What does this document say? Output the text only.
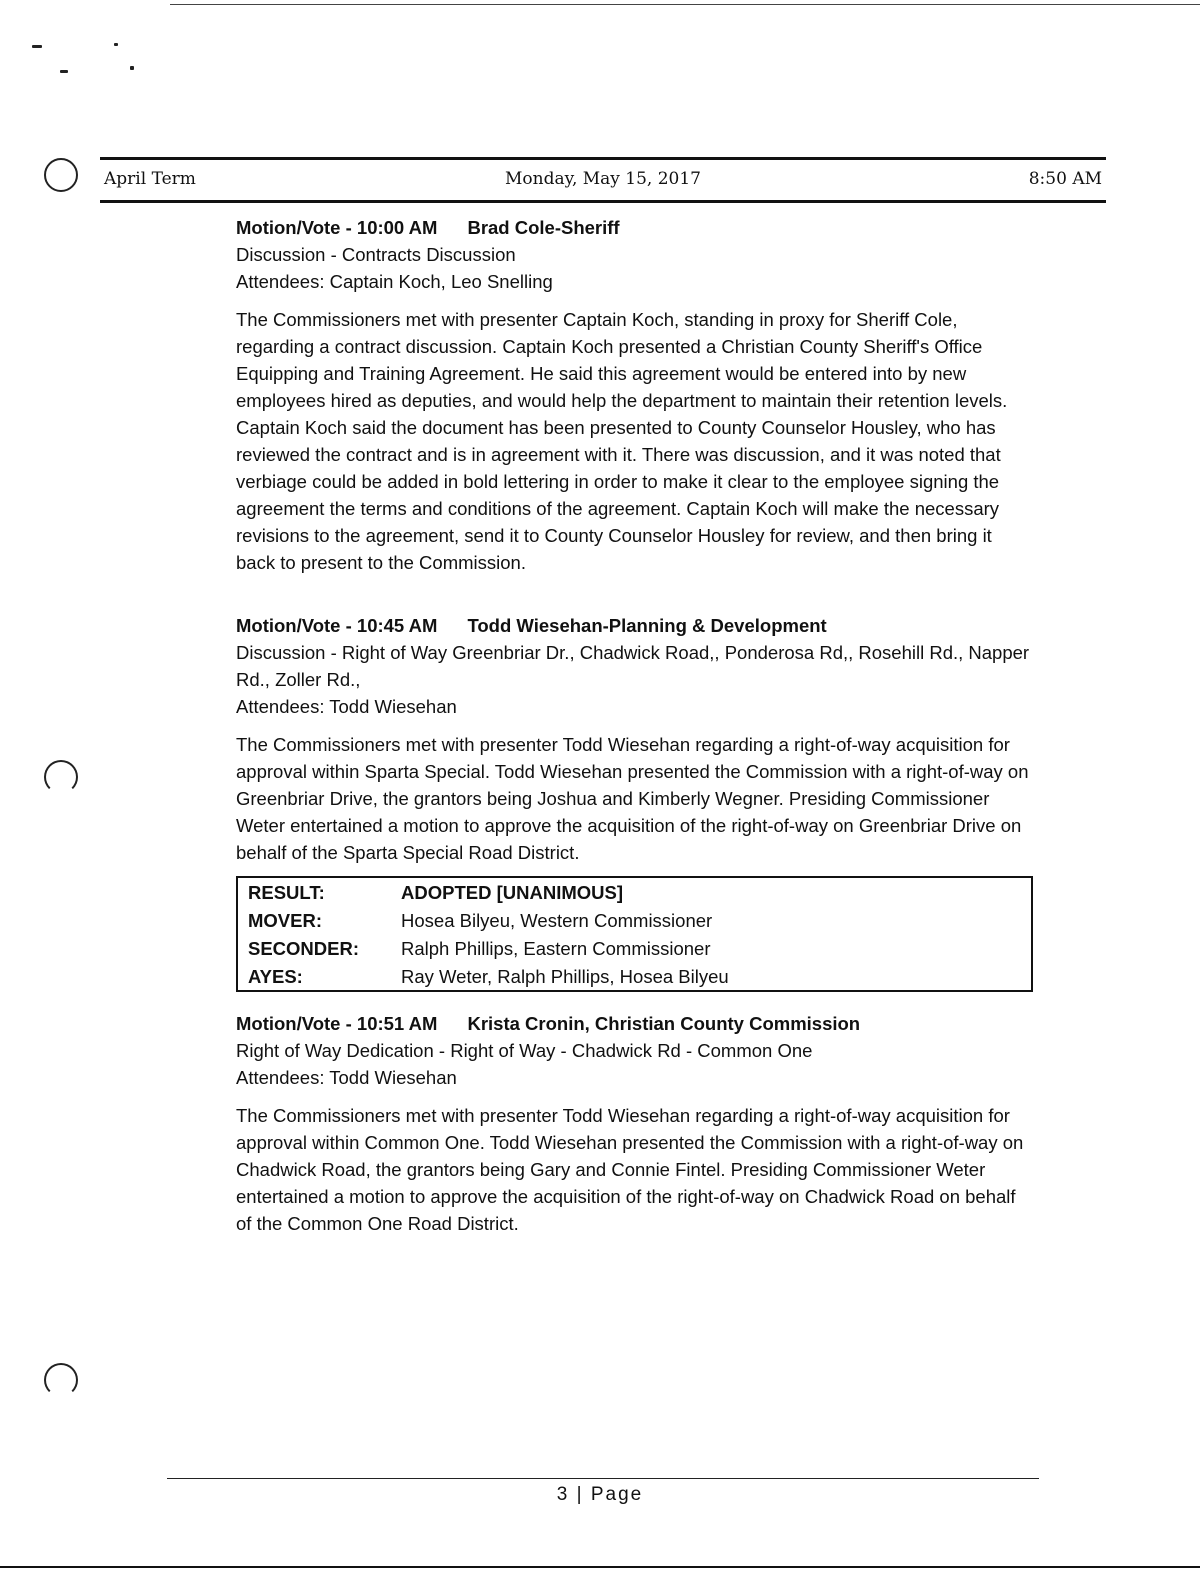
April Term	Monday, May 15, 2017	8:50 AM

Motion/Vote - 10:00 AM Brad Cole-Sheriff

Discussion - Contracts Discussion

Attendees: Captain Koch, Leo Snelling

The Commissioners met with presenter Captain Koch, standing in proxy for Sheriff Cole, regarding a contract discussion. Captain Koch presented a Christian County Sheriff's Office Equipping and Training Agreement. He said this agreement would be entered into by new employees hired as deputies, and would help the department to maintain their retention levels. Captain Koch said the document has been presented to County Counselor Housley, who has reviewed the contract and is in agreement with it. There was discussion, and it was noted that verbiage could be added in bold lettering in order to make it clear to the employee signing the agreement the terms and conditions of the agreement. Captain Koch will make the necessary revisions to the agreement, send it to County Counselor Housley for review, and then bring it back to present to the Commission.

Motion/Vote - 10:45 AM Todd Wiesehan-Planning & Development

Discussion - Right of Way Greenbriar Dr., Chadwick Road,, Ponderosa Rd,, Rosehill Rd., Napper Rd., Zoller Rd.,

Attendees: Todd Wiesehan

The Commissioners met with presenter Todd Wiesehan regarding a right-of-way acquisition for approval within Sparta Special. Todd Wiesehan presented the Commission with a right-of-way on Greenbriar Drive, the grantors being Joshua and Kimberly Wegner. Presiding Commissioner Weter entertained a motion to approve the acquisition of the right-of-way on Greenbriar Drive on behalf of the Sparta Special Road District.

RESULT:	ADOPTED [UNANIMOUS]
MOVER:	Hosea Bilyeu, Western Commissioner
SECONDER:	Ralph Phillips, Eastern Commissioner
AYES:	Ray Weter, Ralph Phillips, Hosea Bilyeu

Motion/Vote - 10:51 AM Krista Cronin, Christian County Commission

Right of Way Dedication - Right of Way - Chadwick Rd - Common One

Attendees: Todd Wiesehan

The Commissioners met with presenter Todd Wiesehan regarding a right-of-way acquisition for approval within Common One. Todd Wiesehan presented the Commission with a right-of-way on Chadwick Road, the grantors being Gary and Connie Fintel. Presiding Commissioner Weter entertained a motion to approve the acquisition of the right-of-way on Chadwick Road on behalf of the Common One Road District.

3 | Page
